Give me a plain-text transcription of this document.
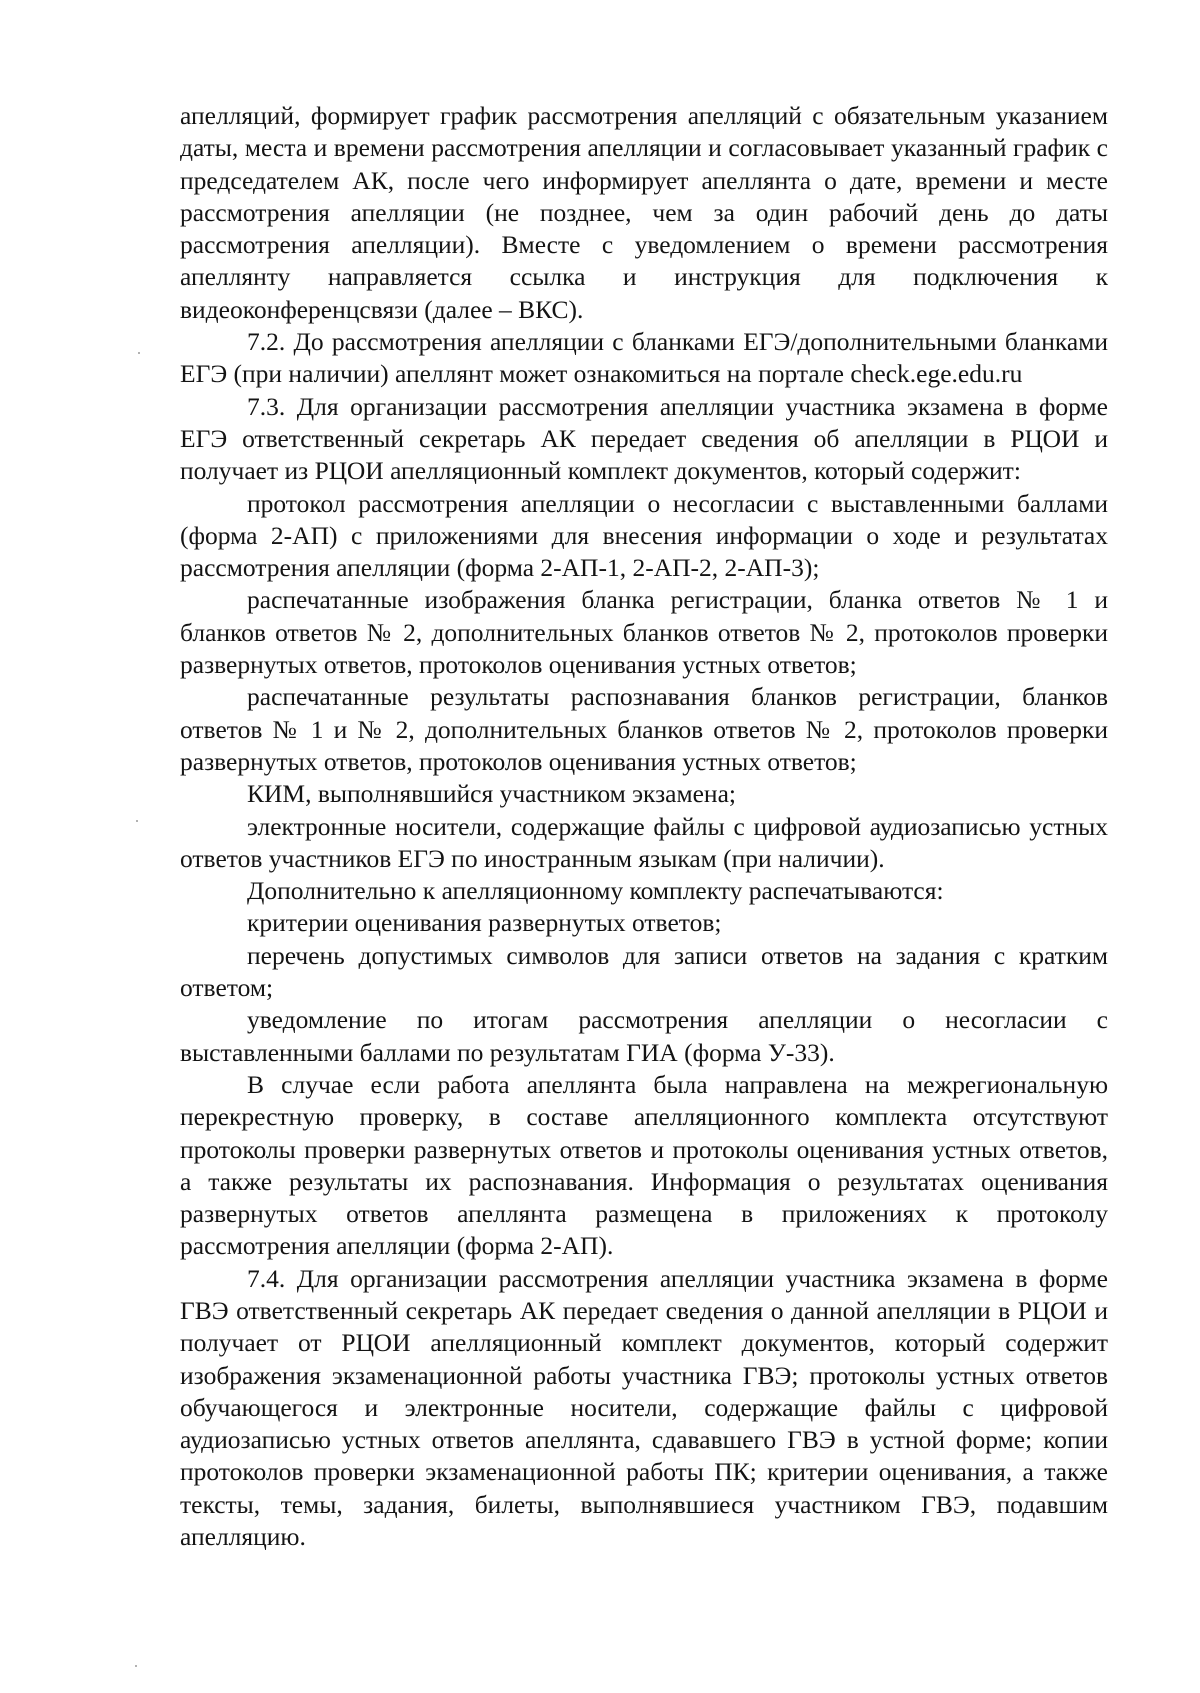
апелляций, формирует график рассмотрения апелляций с обязательным указанием даты, места и времени рассмотрения апелляции и согласовывает указанный график с председателем АК, после чего информирует апеллянта о дате, времени и месте рассмотрения апелляции (не позднее, чем за один рабочий день до даты рассмотрения апелляции). Вместе с уведомлением о времени рассмотрения апеллянту направляется ссылка и инструкция для подключения к видеоконференцсвязи (далее – ВКС).

7.2. До рассмотрения апелляции с бланками ЕГЭ/дополнительными бланками ЕГЭ (при наличии) апеллянт может ознакомиться на портале check.ege.edu.ru

7.3. Для организации рассмотрения апелляции участника экзамена в форме ЕГЭ ответственный секретарь АК передает сведения об апелляции в РЦОИ и получает из РЦОИ апелляционный комплект документов, который содержит:

протокол рассмотрения апелляции о несогласии с выставленными баллами (форма 2-АП) с приложениями для внесения информации о ходе и результатах рассмотрения апелляции (форма 2-АП-1, 2-АП-2, 2-АП-3);

распечатанные изображения бланка регистрации, бланка ответов № 1 и бланков ответов № 2, дополнительных бланков ответов № 2, протоколов проверки развернутых ответов, протоколов оценивания устных ответов;

распечатанные результаты распознавания бланков регистрации, бланков ответов № 1 и № 2, дополнительных бланков ответов № 2, протоколов проверки развернутых ответов, протоколов оценивания устных ответов;

КИМ, выполнявшийся участником экзамена;

электронные носители, содержащие файлы с цифровой аудиозаписью устных ответов участников ЕГЭ по иностранным языкам (при наличии).

Дополнительно к апелляционному комплекту распечатываются:

критерии оценивания развернутых ответов;

перечень допустимых символов для записи ответов на задания с кратким ответом;

уведомление по итогам рассмотрения апелляции о несогласии с выставленными баллами по результатам ГИА (форма У-33).

В случае если работа апеллянта была направлена на межрегиональную перекрестную проверку, в составе апелляционного комплекта отсутствуют протоколы проверки развернутых ответов и протоколы оценивания устных ответов, а также результаты их распознавания. Информация о результатах оценивания развернутых ответов апеллянта размещена в приложениях к протоколу рассмотрения апелляции (форма 2-АП).

7.4. Для организации рассмотрения апелляции участника экзамена в форме ГВЭ ответственный секретарь АК передает сведения о данной апелляции в РЦОИ и получает от РЦОИ апелляционный комплект документов, который содержит изображения экзаменационной работы участника ГВЭ; протоколы устных ответов обучающегося и электронные носители, содержащие файлы с цифровой аудиозаписью устных ответов апеллянта, сдававшего ГВЭ в устной форме; копии протоколов проверки экзаменационной работы ПК; критерии оценивания, а также тексты, темы, задания, билеты, выполнявшиеся участником ГВЭ, подавшим апелляцию.
